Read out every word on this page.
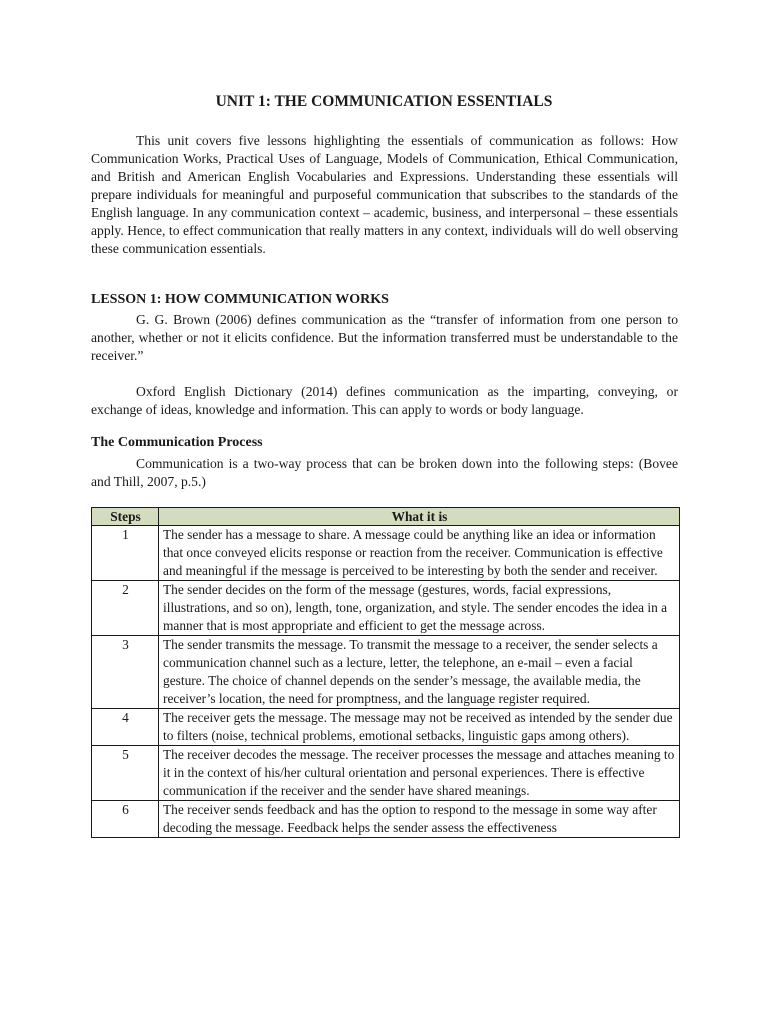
UNIT 1: THE COMMUNICATION ESSENTIALS

This unit covers five lessons highlighting the essentials of communication as follows: How Communication Works, Practical Uses of Language, Models of Communication, Ethical Communication, and British and American English Vocabularies and Expressions. Understanding these essentials will prepare individuals for meaningful and purposeful communication that subscribes to the standards of the English language. In any communication context – academic, business, and interpersonal – these essentials apply. Hence, to effect communication that really matters in any context, individuals will do well observing these communication essentials.

LESSON 1: HOW COMMUNICATION WORKS

G. G. Brown (2006) defines communication as the “transfer of information from one person to another, whether or not it elicits confidence. But the information transferred must be understandable to the receiver.”

Oxford English Dictionary (2014) defines communication as the imparting, conveying, or exchange of ideas, knowledge and information. This can apply to words or body language.

The Communication Process

Communication is a two-way process that can be broken down into the following steps: (Bovee and Thill, 2007, p.5.)

Steps	What it is
1	The sender has a message to share. A message could be anything like an idea or information that once conveyed elicits response or reaction from the receiver. Communication is effective and meaningful if the message is perceived to be interesting by both the sender and receiver.
2	The sender decides on the form of the message (gestures, words, facial expressions, illustrations, and so on), length, tone, organization, and style. The sender encodes the idea in a manner that is most appropriate and efficient to get the message across.
3	The sender transmits the message. To transmit the message to a receiver, the sender selects a communication channel such as a lecture, letter, the telephone, an e-mail – even a facial gesture. The choice of channel depends on the sender’s message, the available media, the receiver’s location, the need for promptness, and the language register required.
4	The receiver gets the message. The message may not be received as intended by the sender due to filters (noise, technical problems, emotional setbacks, linguistic gaps among others).
5	The receiver decodes the message. The receiver processes the message and attaches meaning to it in the context of his/her cultural orientation and personal experiences. There is effective communication if the receiver and the sender have shared meanings.
6	The receiver sends feedback and has the option to respond to the message in some way after decoding the message. Feedback helps the sender assess the effectiveness
